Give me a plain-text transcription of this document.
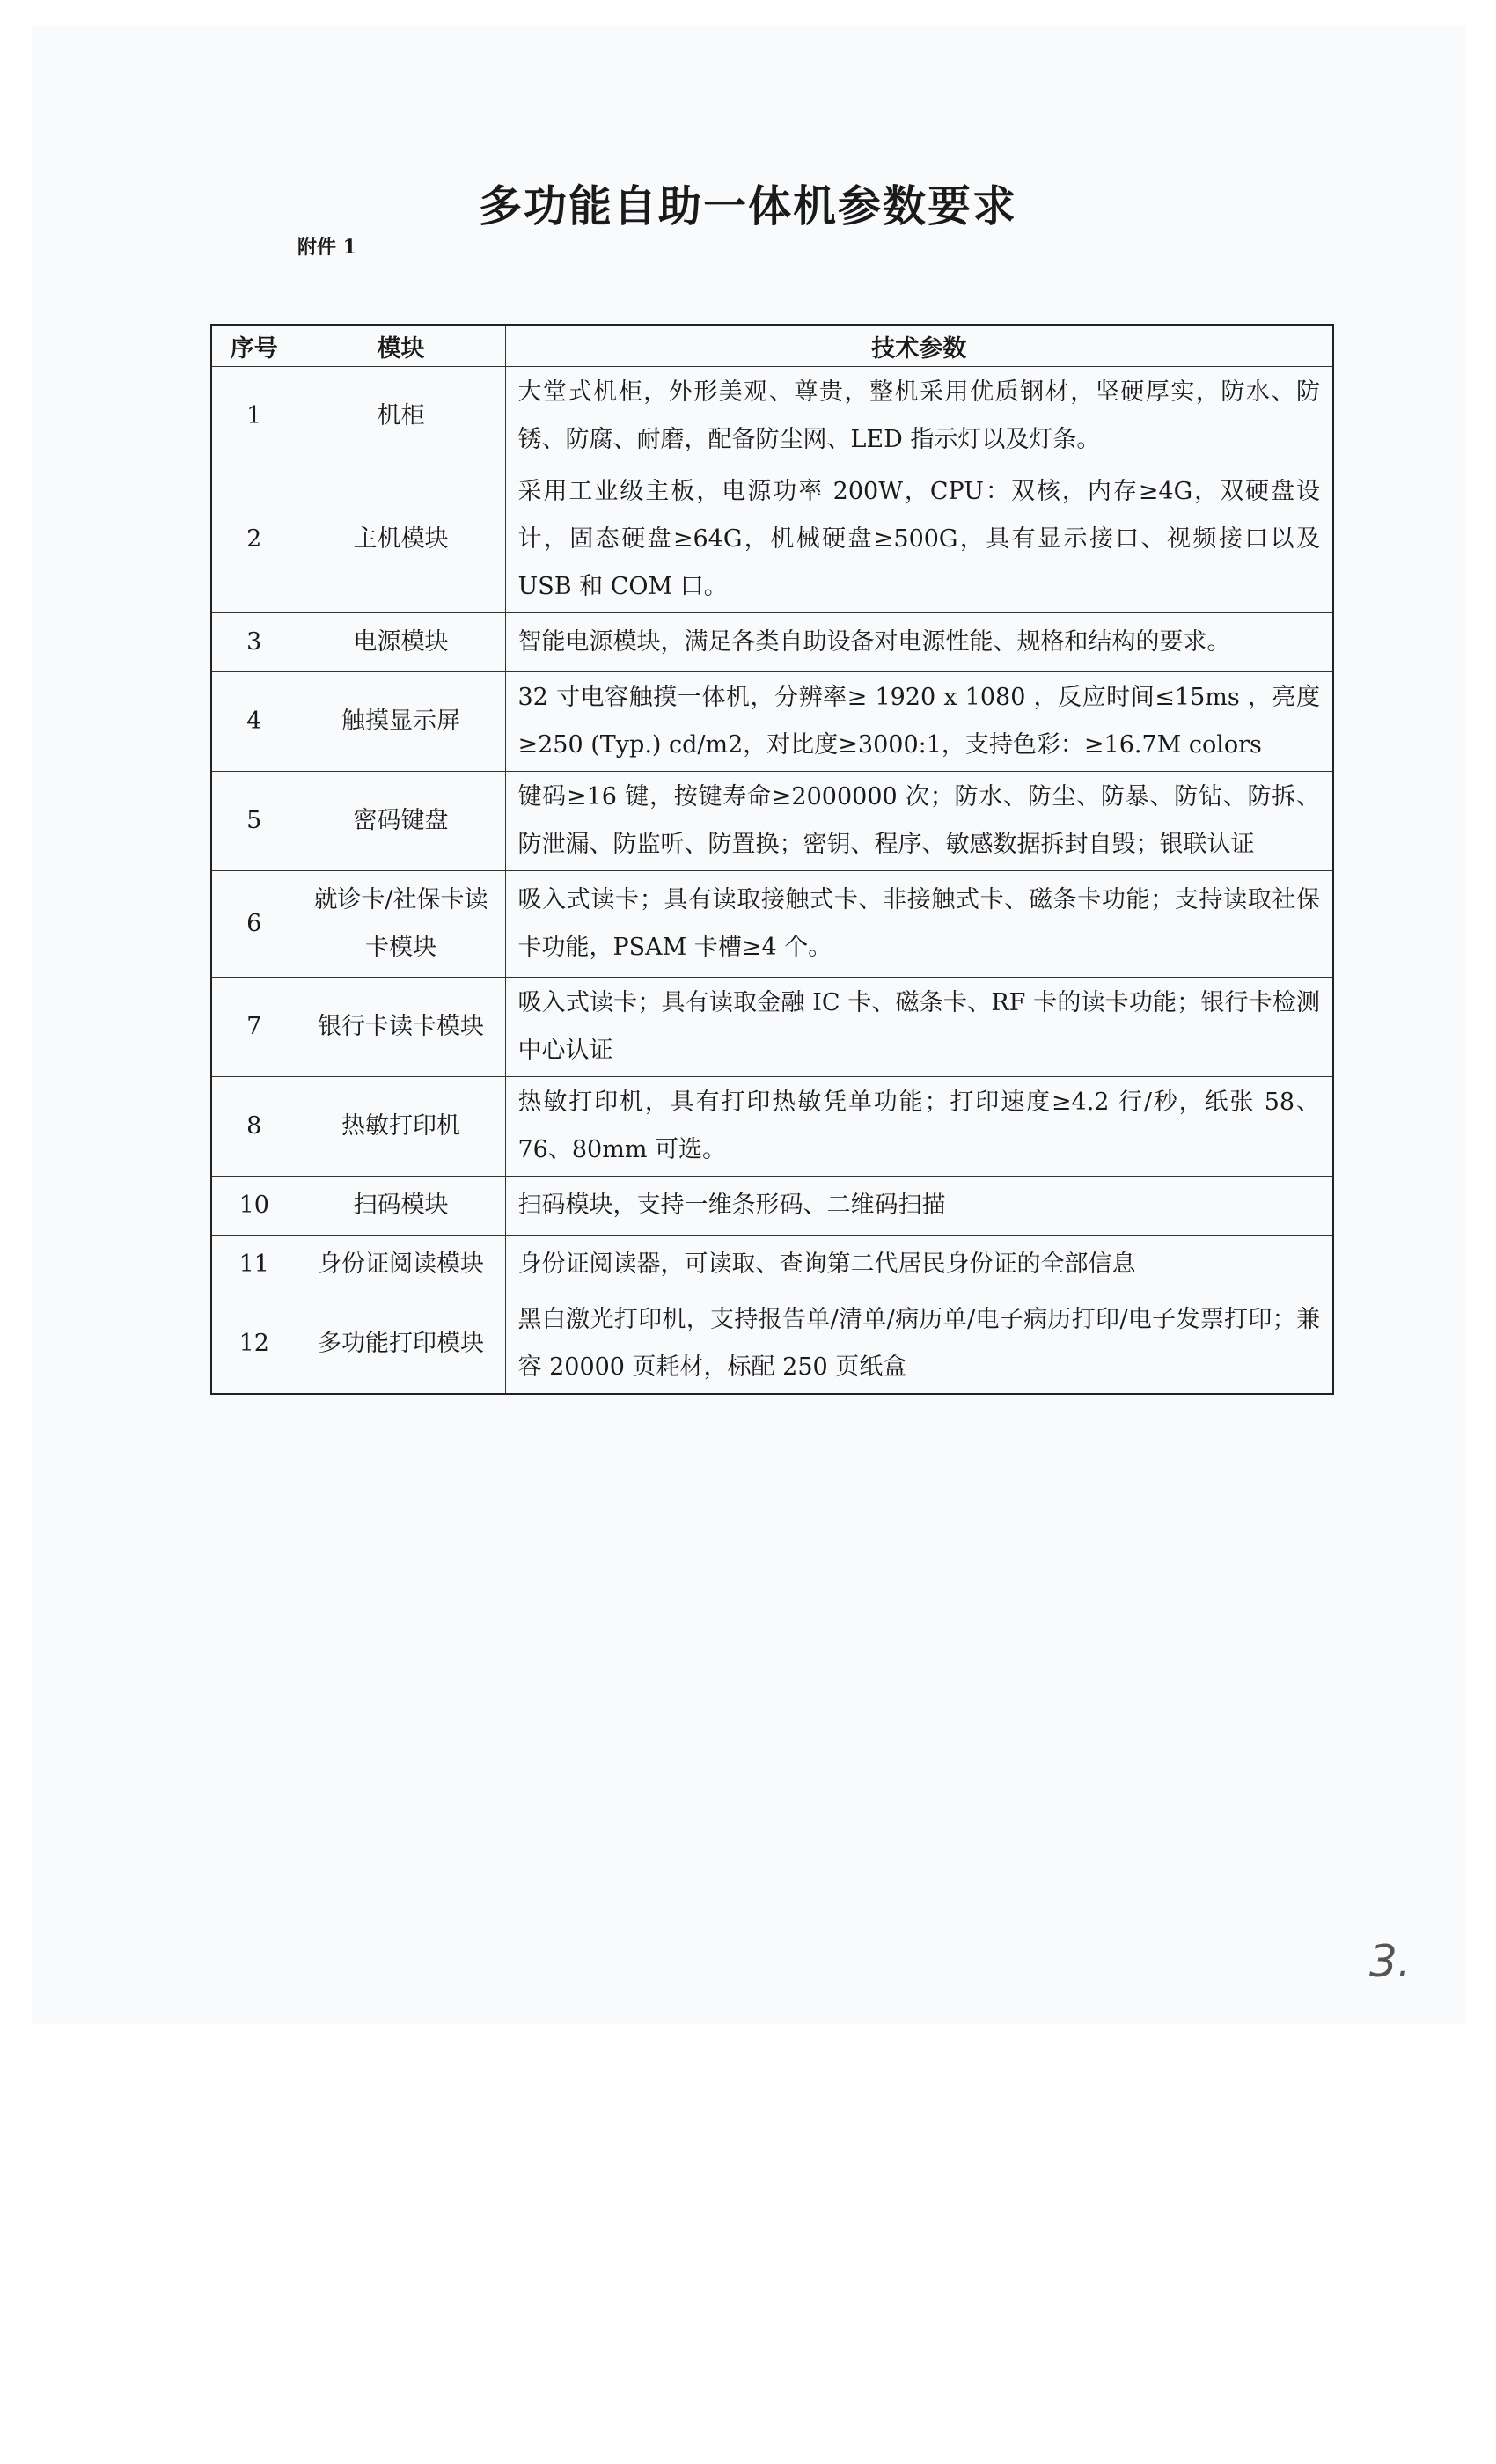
多功能自助一体机参数要求
附件 1
序号	模块	技术参数
1	机柜	大堂式机柜，外形美观、尊贵，整机采用优质钢材，坚硬厚实，防水、防锈、防腐、耐磨，配备防尘网、LED 指示灯以及灯条。
2	主机模块	采用工业级主板，电源功率 200W，CPU：双核，内存≥4G，双硬盘设计，固态硬盘≥64G，机械硬盘≥500G，具有显示接口、视频接口以及 USB 和 COM 口。
3	电源模块	智能电源模块，满足各类自助设备对电源性能、规格和结构的要求。
4	触摸显示屏	32 寸电容触摸一体机，分辨率≥ 1920 x 1080 ，反应时间≤15ms ，亮度≥250 (Typ.) cd/m2，对比度≥3000:1，支持色彩：≥16.7M colors
5	密码键盘	键码≥16 键，按键寿命≥2000000 次；防水、防尘、防暴、防钻、防拆、防泄漏、防监听、防置换；密钥、程序、敏感数据拆封自毁；银联认证
6	就诊卡/社保卡读卡模块	吸入式读卡；具有读取接触式卡、非接触式卡、磁条卡功能；支持读取社保卡功能，PSAM 卡槽≥4 个。
7	银行卡读卡模块	吸入式读卡；具有读取金融 IC 卡、磁条卡、RF 卡的读卡功能；银行卡检测中心认证
8	热敏打印机	热敏打印机，具有打印热敏凭单功能；打印速度≥4.2 行/秒，纸张 58、76、80mm 可选。
10	扫码模块	扫码模块，支持一维条形码、二维码扫描
11	身份证阅读模块	身份证阅读器，可读取、查询第二代居民身份证的全部信息
12	多功能打印模块	黑白激光打印机，支持报告单/清单/病历单/电子病历打印/电子发票打印；兼容 20000 页耗材，标配 250 页纸盒
3.
